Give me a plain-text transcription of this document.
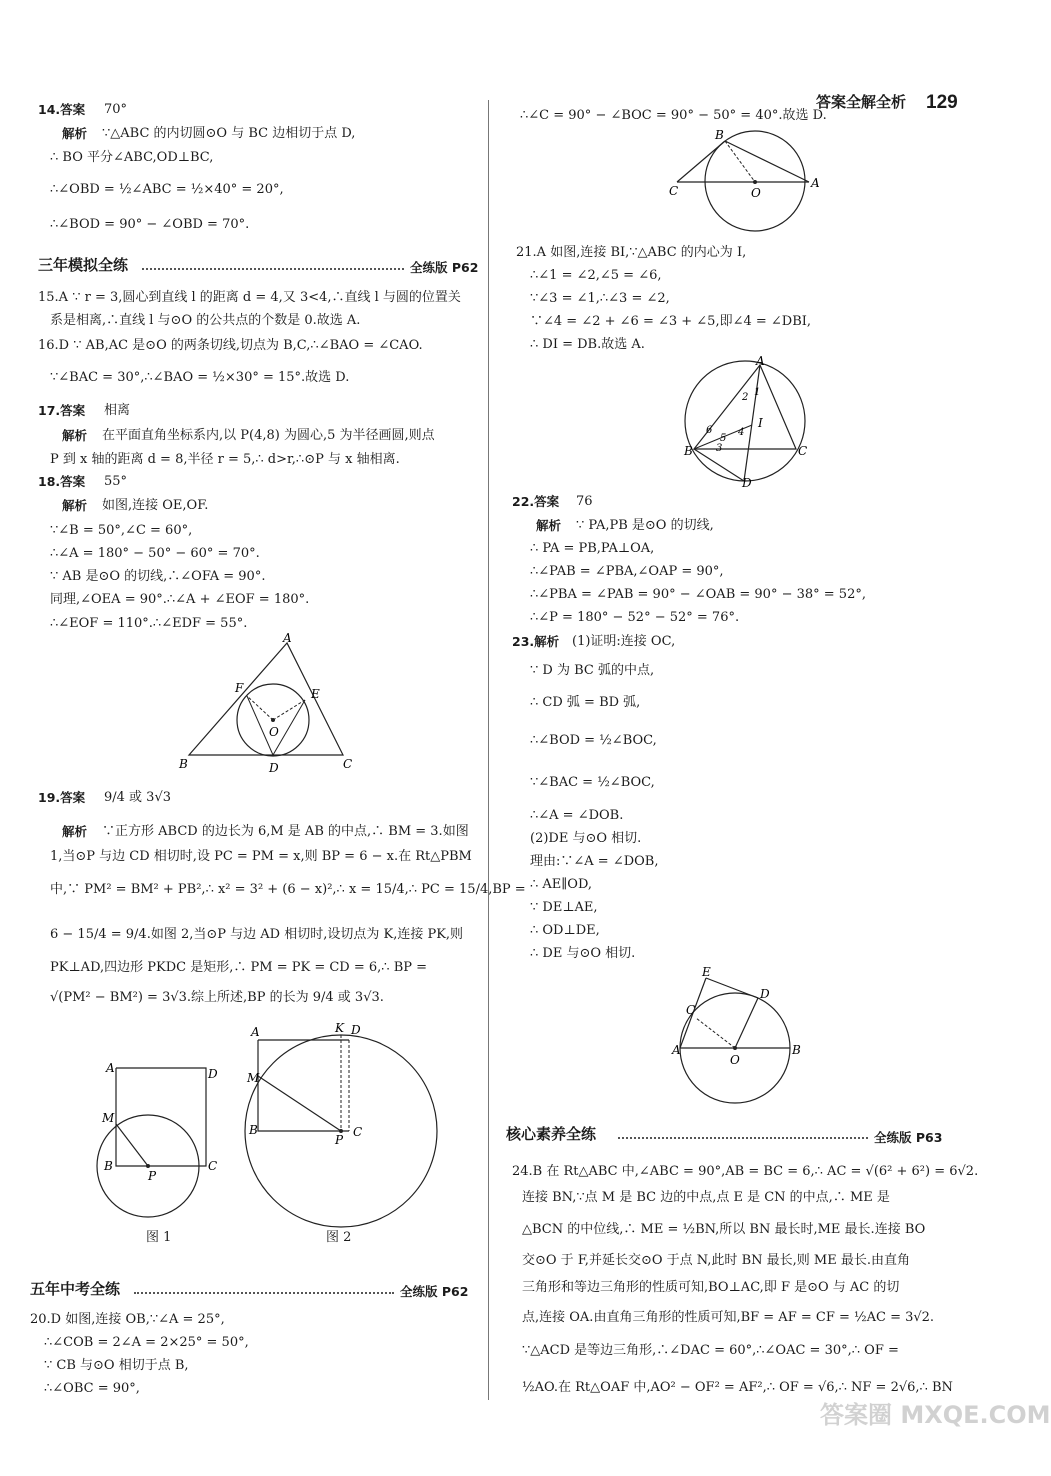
答案全解全析 129
14.答案 70°
解析 ∵△ABC 的内切圆⊙O 与 BC 边相切于点 D,
∴ BO 平分∠ABC,OD⊥BC,
∴∠OBD = ½∠ABC = ½×40° = 20°,
∴∠BOD = 90° − ∠OBD = 70°.
三年模拟全练	全练版 P62
15.A ∵ r = 3,圆心到直线 l 的距离 d = 4,又 3<4,∴直线 l 与圆的位置关
系是相离,∴直线 l 与⊙O 的公共点的个数是 0.故选 A.
16.D ∵ AB,AC 是⊙O 的两条切线,切点为 B,C,∴∠BAO = ∠CAO.
∵∠BAC = 30°,∴∠BAO = ½×30° = 15°.故选 D.
17.答案 相离
解析 在平面直角坐标系内,以 P(4,8) 为圆心,5 为半径画圆,则点
P 到 x 轴的距离 d = 8,半径 r = 5,∴ d>r,∴⊙P 与 x 轴相离.
18.答案 55°
解析 如图,连接 OE,OF.
∵∠B = 50°,∠C = 60°,
∴∠A = 180° − 50° − 60° = 70°.
∵ AB 是⊙O 的切线,∴∠OFA = 90°.
同理,∠OEA = 90°.∴∠A + ∠EOF = 180°.
∴∠EOF = 110°.∴∠EDF = 55°.
A
B	C
D
E
F
O
19.答案 9/4 或 3√3
解析 ∵正方形 ABCD 的边长为 6,M 是 AB 的中点,∴ BM = 3.如图
1,当⊙P 与边 CD 相切时,设 PC = PM = x,则 BP = 6 − x.在 Rt△PBM
中,∵ PM² = BM² + PB²,∴ x² = 3² + (6 − x)²,∴ x = 15/4,∴ PC = 15/4,BP =
6 − 15/4 = 9/4.如图 2,当⊙P 与边 AD 相切时,设切点为 K,连接 PK,则
PK⊥AD,四边形 PKDC 是矩形,∴ PM = PK = CD = 6,∴ BP =
√(PM² − BM²) = 3√3.综上所述,BP 的长为 9/4 或 3√3.
A	D
M
B	C
P
图 1
A	K D
M
B	C
P
图 2
五年中考全练	全练版 P62
20.D 如图,连接 OB,∵∠A = 25°,
∴∠COB = 2∠A = 2×25° = 50°,
∵ CB 与⊙O 相切于点 B,
∴∠OBC = 90°,
∴∠C = 90° − ∠BOC = 90° − 50° = 40°.故选 D.
B
C	O
A
21.A 如图,连接 BI,∵△ABC 的内心为 I,
∴∠1 = ∠2,∠5 = ∠6,
∵∠3 = ∠1,∴∠3 = ∠2,
∵∠4 = ∠2 + ∠6 = ∠3 + ∠5,即∠4 = ∠DBI,
∴ DI = DB.故选 A.
A
B	C
D
I
2 1
6
5
3
4
22.答案 76
解析 ∵ PA,PB 是⊙O 的切线,
∴ PA = PB,PA⊥OA,
∴∠PAB = ∠PBA,∠OAP = 90°,
∴∠PBA = ∠PAB = 90° − ∠OAB = 90° − 38° = 52°,
∴∠P = 180° − 52° − 52° = 76°.
23.解析 (1)证明:连接 OC,
∵ D 为 BC 弧的中点,
∴ CD 弧 = BD 弧,
∴∠BOD = ½∠BOC,
∵∠BAC = ½∠BOC,
∴∠A = ∠DOB.
(2)DE 与⊙O 相切.
理由:∵∠A = ∠DOB,
∴ AE∥OD,
∵ DE⊥AE,
∴ OD⊥DE,
∴ DE 与⊙O 相切.
E
D
C
A
O
B
核心素养全练	全练版 P63
24.B 在 Rt△ABC 中,∠ABC = 90°,AB = BC = 6,∴ AC = √(6² + 6²) = 6√2.
连接 BN,∵点 M 是 BC 边的中点,点 E 是 CN 的中点,∴ ME 是
△BCN 的中位线,∴ ME = ½BN,所以 BN 最长时,ME 最长.连接 BO
交⊙O 于 F,并延长交⊙O 于点 N,此时 BN 最长,则 ME 最长.由直角
三角形和等边三角形的性质可知,BO⊥AC,即 F 是⊙O 与 AC 的切
点,连接 OA.由直角三角形的性质可知,BF = AF = CF = ½AC = 3√2.
∵△ACD 是等边三角形,∴∠DAC = 60°,∴∠OAC = 30°,∴ OF =
½AO.在 Rt△OAF 中,AO² − OF² = AF²,∴ OF = √6,∴ NF = 2√6,∴ BN
答案圈 MXQE.COM
